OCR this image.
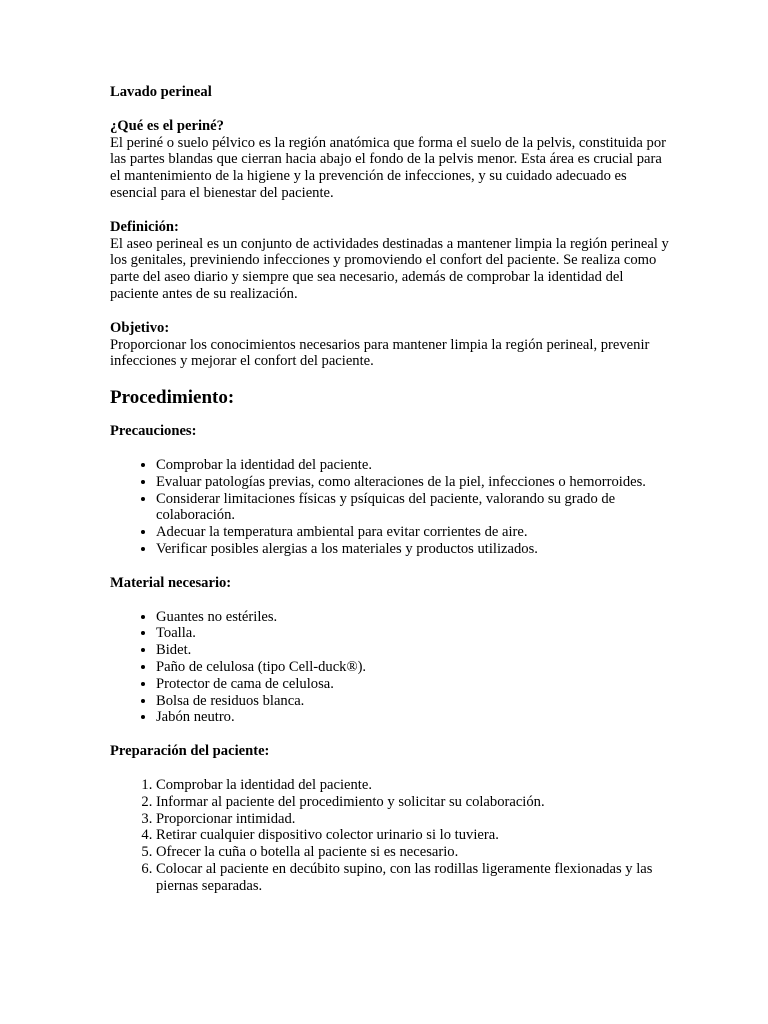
Lavado perineal

¿Qué es el periné?

El periné o suelo pélvico es la región anatómica que forma el suelo de la pelvis, constituida por las partes blandas que cierran hacia abajo el fondo de la pelvis menor. Esta área es crucial para el mantenimiento de la higiene y la prevención de infecciones, y su cuidado adecuado es esencial para el bienestar del paciente.

Definición:

El aseo perineal es un conjunto de actividades destinadas a mantener limpia la región perineal y los genitales, previniendo infecciones y promoviendo el confort del paciente. Se realiza como parte del aseo diario y siempre que sea necesario, además de comprobar la identidad del paciente antes de su realización.

Objetivo:

Proporcionar los conocimientos necesarios para mantener limpia la región perineal, prevenir infecciones y mejorar el confort del paciente.

Procedimiento:

Precauciones:

• Comprobar la identidad del paciente.
• Evaluar patologías previas, como alteraciones de la piel, infecciones o hemorroides.
• Considerar limitaciones físicas y psíquicas del paciente, valorando su grado de colaboración.
• Adecuar la temperatura ambiental para evitar corrientes de aire.
• Verificar posibles alergias a los materiales y productos utilizados.

Material necesario:

• Guantes no estériles.
• Toalla.
• Bidet.
• Paño de celulosa (tipo Cell-duck®).
• Protector de cama de celulosa.
• Bolsa de residuos blanca.
• Jabón neutro.

Preparación del paciente:

1. Comprobar la identidad del paciente.
2. Informar al paciente del procedimiento y solicitar su colaboración.
3. Proporcionar intimidad.
4. Retirar cualquier dispositivo colector urinario si lo tuviera.
5. Ofrecer la cuña o botella al paciente si es necesario.
6. Colocar al paciente en decúbito supino, con las rodillas ligeramente flexionadas y las piernas separadas.
